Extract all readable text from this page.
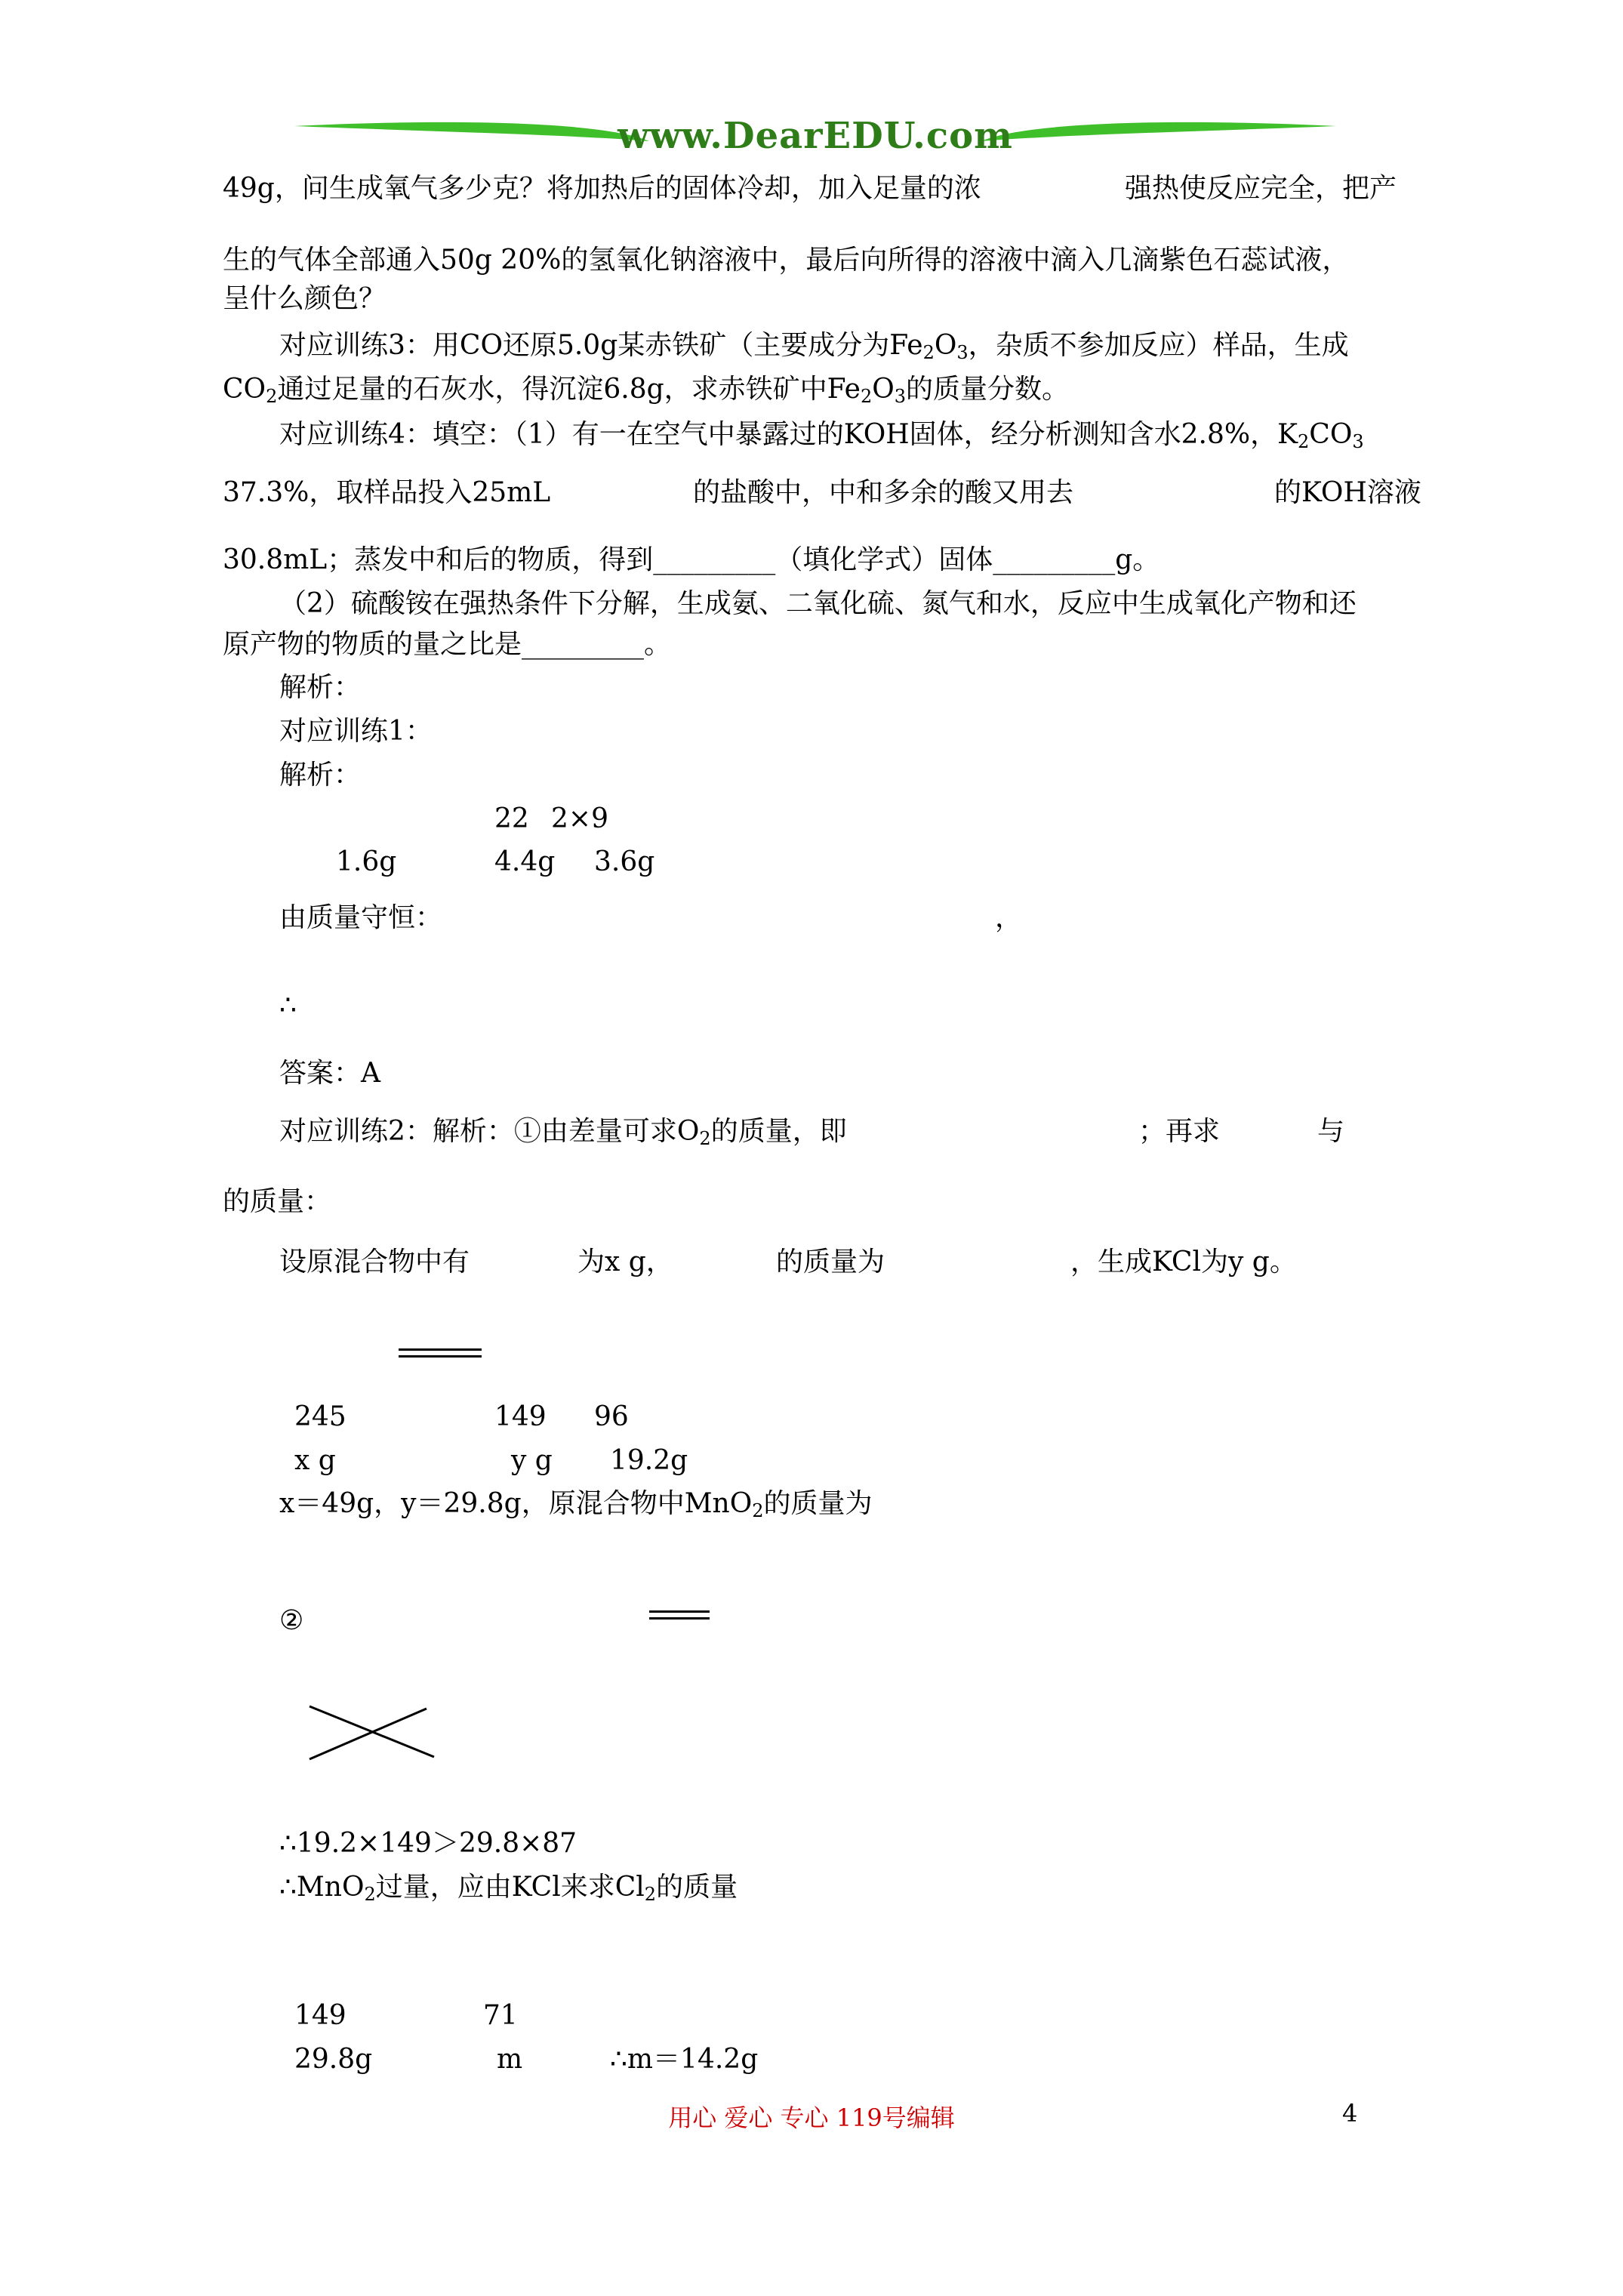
www.DearEDU.com
49g，问生成氧气多少克？将加热后的固体冷却，加入足量的浓	强热使反应完全，把产
生的气体全部通入50g 20%的氢氧化钠溶液中，最后向所得的溶液中滴入几滴紫色石蕊试液，
呈什么颜色？
对应训练3：用CO还原5.0g某赤铁矿（主要成分为$Fe_2O_3$，杂质不参加反应）样品，生成
$CO_2$通过足量的石灰水，得沉淀6.8g，求赤铁矿中$Fe_2O_3$的质量分数。
对应训练4：填空：（1）有一在空气中暴露过的KOH固体，经分析测知含水2.8%，$K_2CO_3$
37.3%，取样品投入25mL	的盐酸中，中和多余的酸又用去	的KOH溶液
30.8mL；蒸发中和后的物质，得到_________（填化学式）固体_________g。
（2）硫酸铵在强热条件下分解，生成氨、二氧化硫、氮气和水，反应中生成氧化产物和还
原产物的物质的量之比是_________。
解析：
对应训练1：
解析：
22 2×9
1.6g	4.4g 3.6g
由质量守恒：	，
∴
答案：A
对应训练2：解析：①由差量可求$O_2$的质量，即	；再求	与
的质量：
设原混合物中有	为x g，	的质量为	，生成KCl为y g。
245	149 96
x g	y g 19.2g
x＝49g，y＝29.8g，原混合物中MnO$_2$的质量为
②
∴19.2×149＞29.8×87
∴MnO$_2$过量，应由KCl来求$Cl_2$的质量
149	71
29.8g	m	∴m＝14.2g
用心 爱心 专心 119号编辑	4
